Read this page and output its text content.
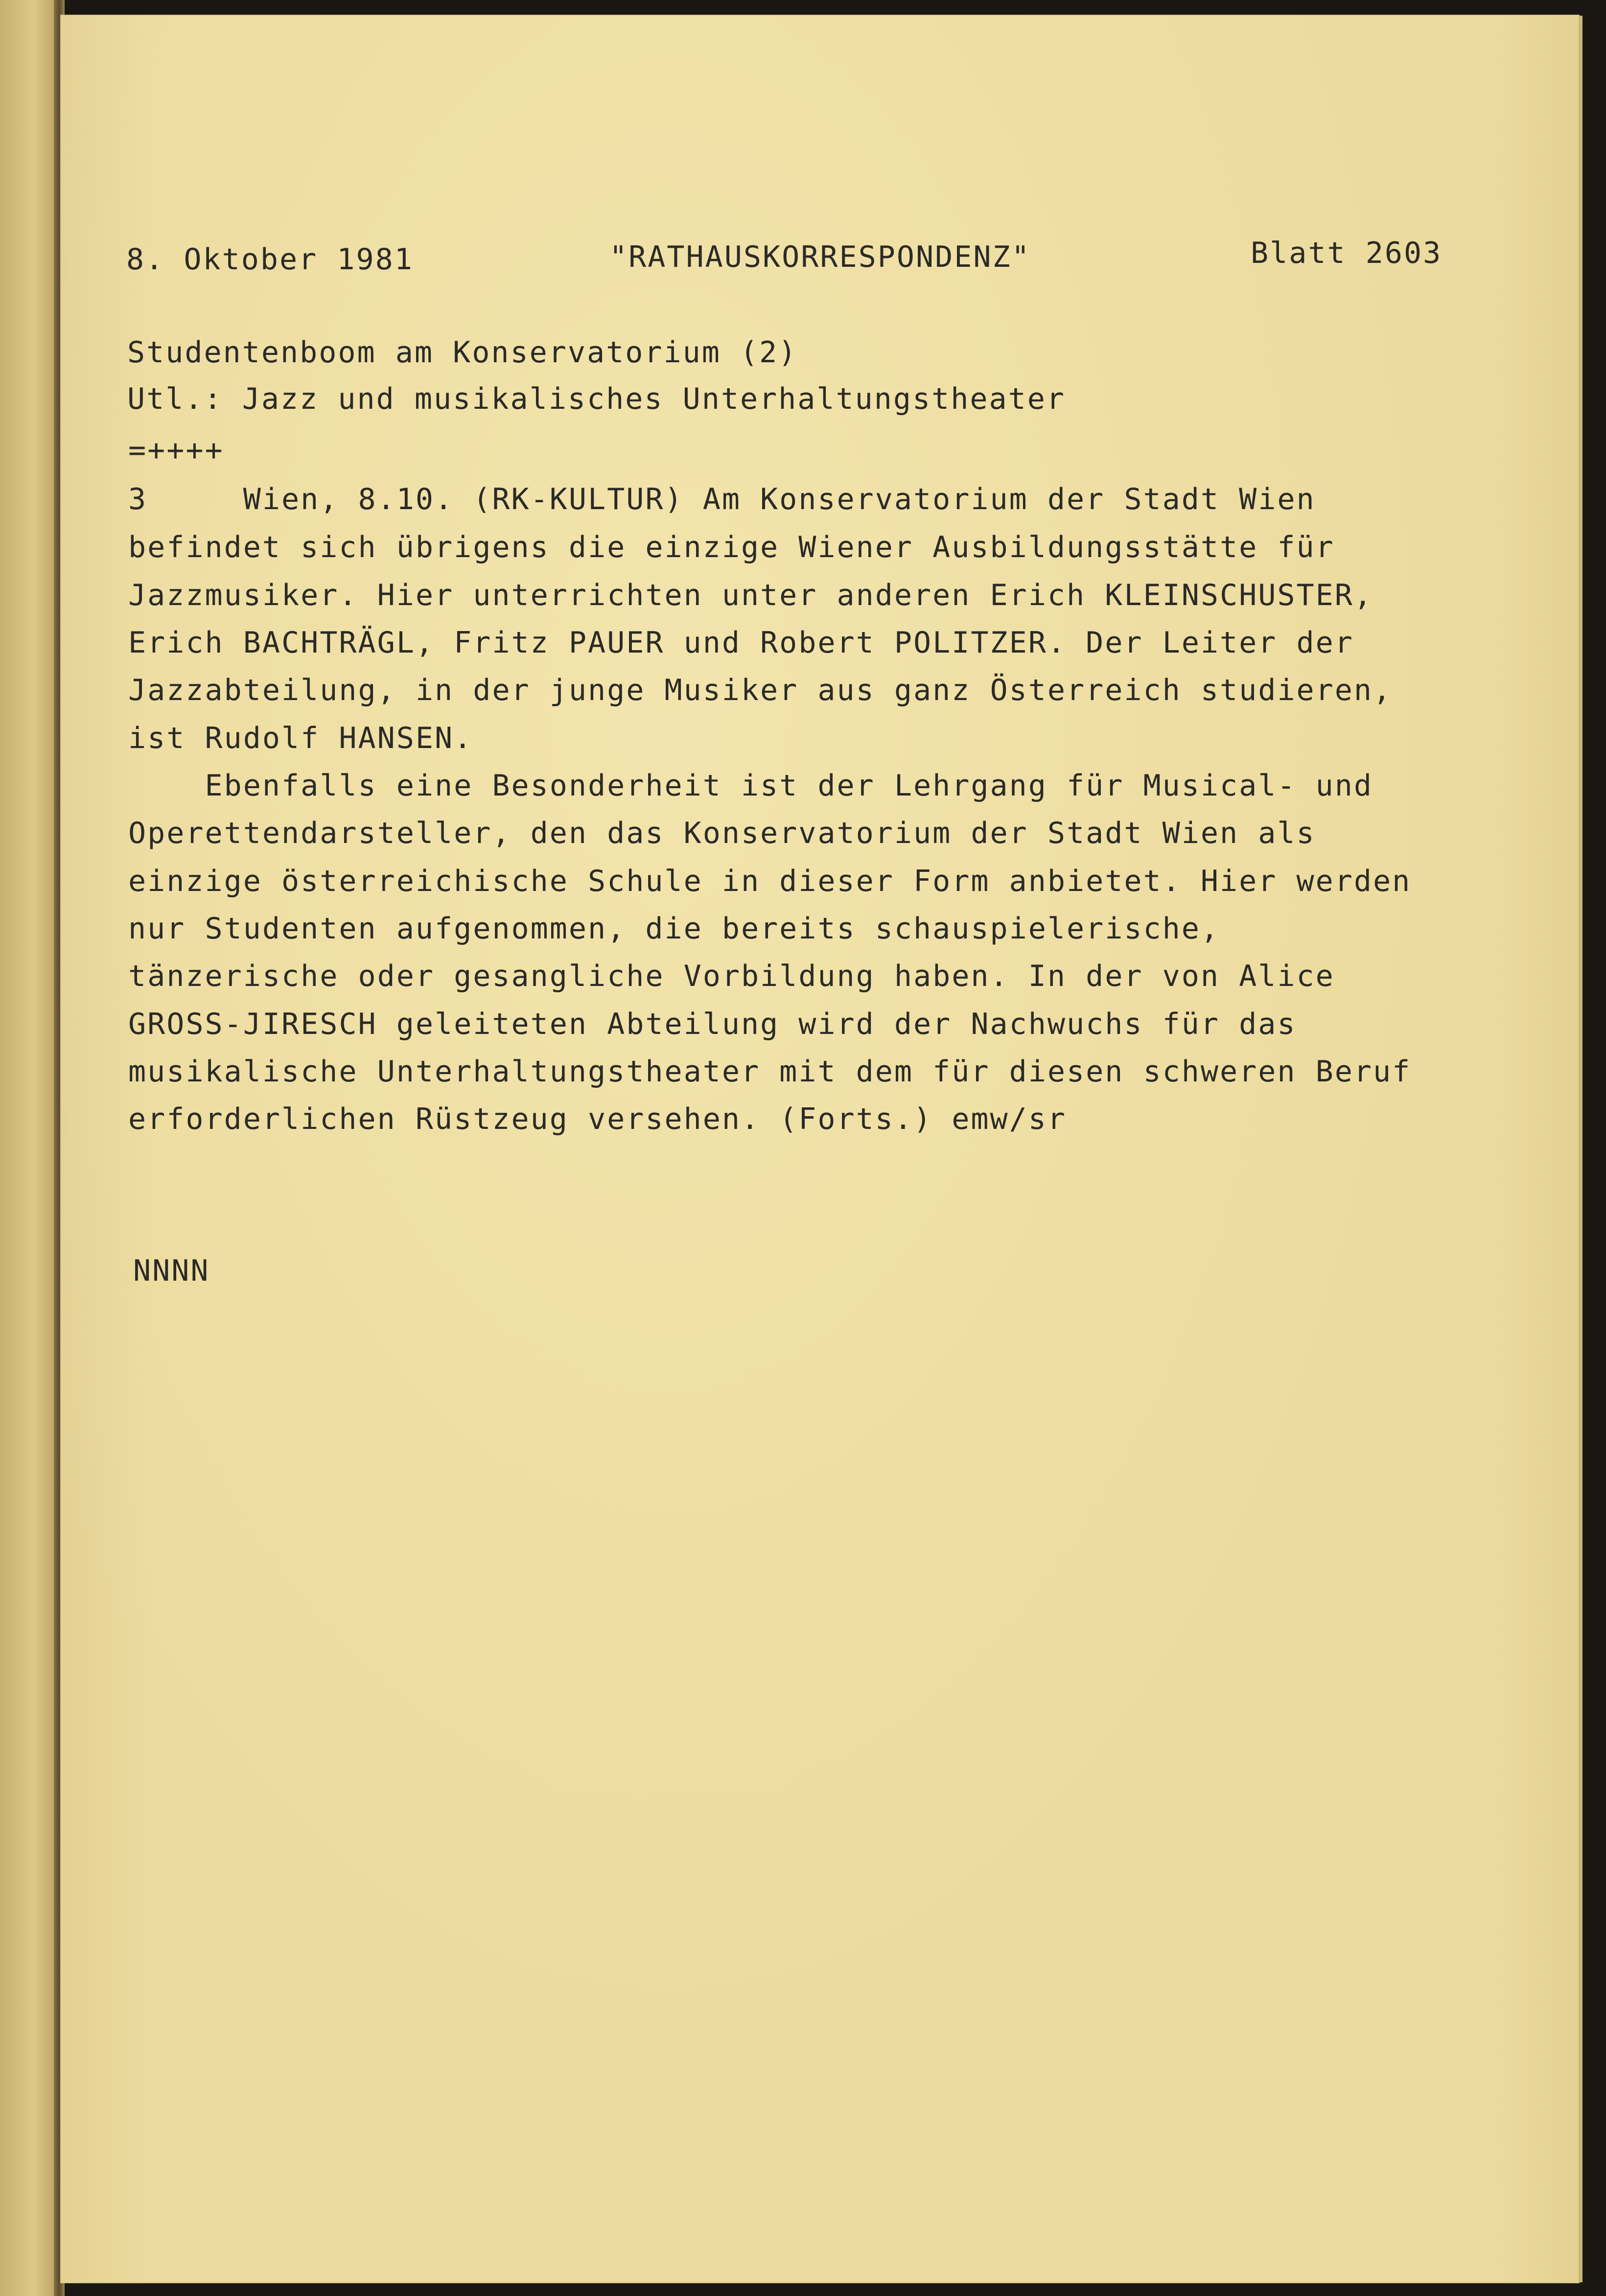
8. Oktober 1981	"RATHAUSKORRESPONDENZ"	Blatt 2603
Studentenboom am Konservatorium (2)
Utl.: Jazz und musikalisches Unterhaltungstheater
=++++
3     Wien, 8.10. (RK-KULTUR) Am Konservatorium der Stadt Wien
befindet sich übrigens die einzige Wiener Ausbildungsstätte für
Jazzmusiker. Hier unterrichten unter anderen Erich KLEINSCHUSTER,
Erich BACHTRÄGL, Fritz PAUER und Robert POLITZER. Der Leiter der
Jazzabteilung, in der junge Musiker aus ganz Österreich studieren,
ist Rudolf HANSEN.
Ebenfalls eine Besonderheit ist der Lehrgang für Musical- und
Operettendarsteller, den das Konservatorium der Stadt Wien als
einzige österreichische Schule in dieser Form anbietet. Hier werden
nur Studenten aufgenommen, die bereits schauspielerische,
tänzerische oder gesangliche Vorbildung haben. In der von Alice
GROSS-JIRESCH geleiteten Abteilung wird der Nachwuchs für das
musikalische Unterhaltungstheater mit dem für diesen schweren Beruf
erforderlichen Rüstzeug versehen. (Forts.) emw/sr
NNNN
